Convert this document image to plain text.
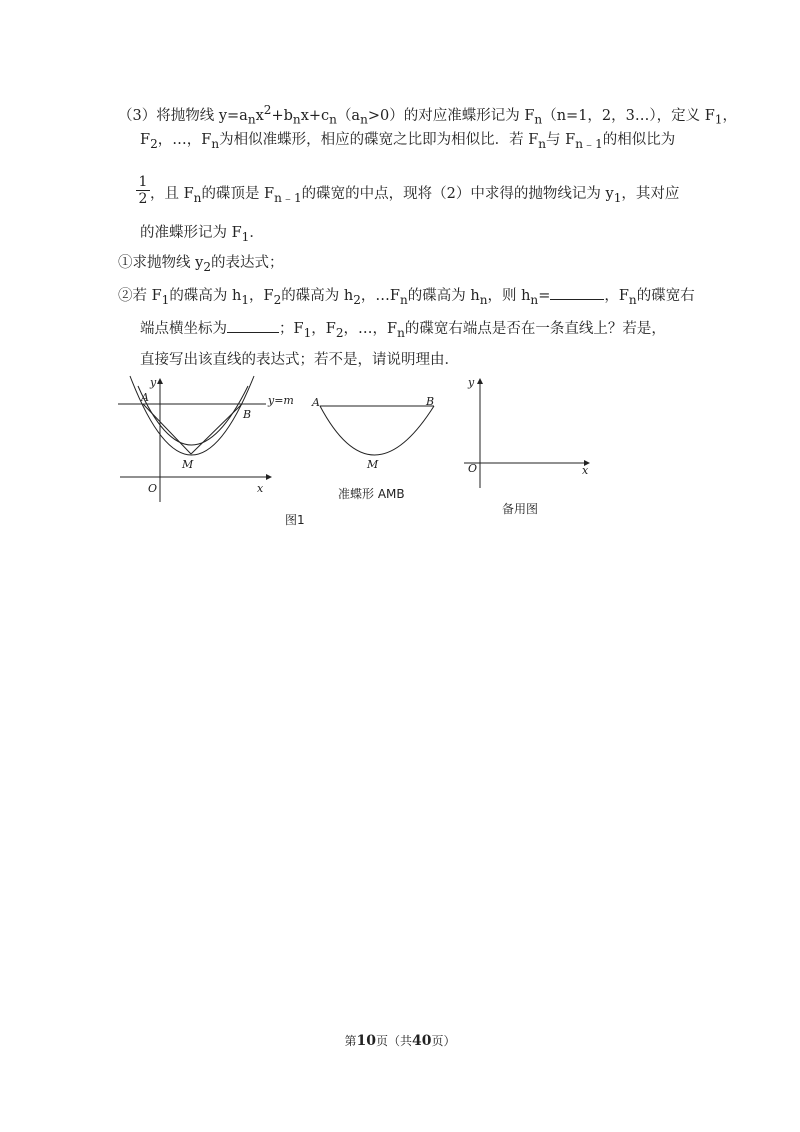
（3）将抛物线 $y=a_nx^2+b_nx+c_n(a_n>0)$的对应准蝶形记为 $F_n(n=1$，2，3…），定义 $F_1$，
$F_2$，…，$F_n$为相似准蝶形，相应的碟宽之比即为相似比．若 $F_n$与 $F_{n﹣1}$的相似比为
1
2 ，且 $F_n$的碟顶是 $F_{n﹣1}$的碟宽的中点，现将（2）中求得的抛物线记为 $y_1$，其对应
的准蝶形记为 $F_1$．
①求抛物线 $y_2$的表达式；
②若 $F_1$的碟高为 $h_1$，$F_2$的碟高为 $h_2$，$\dots F_n$的碟高为 $h_n$，则 $h_n=$	，$F_n$的碟宽右
端点横坐标为	；$F_1$，$F_2$，…，$F_n$的碟宽右端点是否在一条直线上？若是，
直接写出该直线的表达式；若不是，请说明理由．
y
x
O
A
B
M
y=m
图1
A	B
M
准蝶形 AMB
y
x
O
备用图
第10页（共40页）
